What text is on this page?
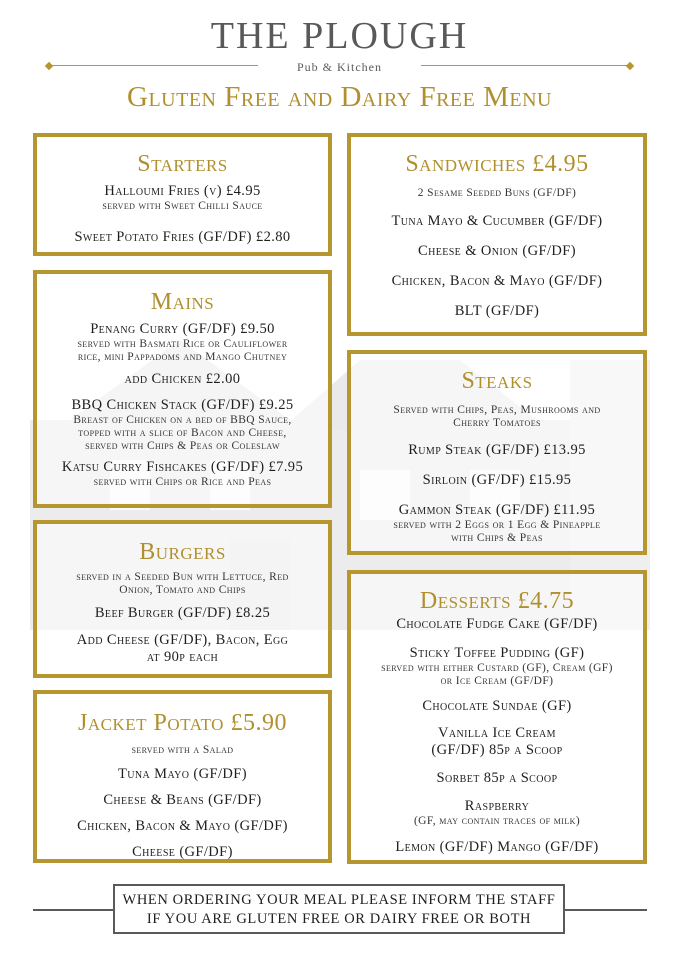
THE PLOUGH
Pub & Kitchen
Gluten Free and Dairy Free Menu
Starters
Halloumi Fries (v) £4.95
served with Sweet Chilli Sauce
Sweet Potato Fries (GF/DF) £2.80
Mains
Penang Curry (GF/DF) £9.50
served with Basmati Rice or Cauliflower
rice, mini Pappadoms and Mango Chutney
add Chicken £2.00
BBQ Chicken Stack (GF/DF) £9.25
Breast of Chicken on a bed of BBQ Sauce,
topped with a slice of Bacon and Cheese,
served with Chips & Peas or Coleslaw
Katsu Curry Fishcakes (GF/DF) £7.95
served with Chips or Rice and Peas
Burgers
served in a Seeded Bun with Lettuce, Red
Onion, Tomato and Chips
Beef Burger (GF/DF) £8.25
Add Cheese (GF/DF), Bacon, Egg
at 90p each
Jacket Potato £5.90
served with a Salad
Tuna Mayo (GF/DF)
Cheese & Beans (GF/DF)
Chicken, Bacon & Mayo (GF/DF)
Cheese (GF/DF)
Sandwiches £4.95
2 Sesame Seeded Buns (GF/DF)
Tuna Mayo & Cucumber (GF/DF)
Cheese & Onion (GF/DF)
Chicken, Bacon & Mayo (GF/DF)
BLT (GF/DF)
Steaks
Served with Chips, Peas, Mushrooms and
Cherry Tomatoes
Rump Steak (GF/DF) £13.95
Sirloin (GF/DF) £15.95
Gammon Steak (GF/DF) £11.95
served with 2 Eggs or 1 Egg & Pineapple
with Chips & Peas
Desserts £4.75
Chocolate Fudge Cake (GF/DF)
Sticky Toffee Pudding (GF)
served with either Custard (GF), Cream (GF)
or Ice Cream (GF/DF)
Chocolate Sundae (GF)
Vanilla Ice Cream
(GF/DF) 85p a Scoop
Sorbet 85p a Scoop
Raspberry
(GF, may contain traces of milk)
Lemon (GF/DF) Mango (GF/DF)
WHEN ORDERING YOUR MEAL PLEASE INFORM THE STAFF
IF YOU ARE GLUTEN FREE OR DAIRY FREE OR BOTH
